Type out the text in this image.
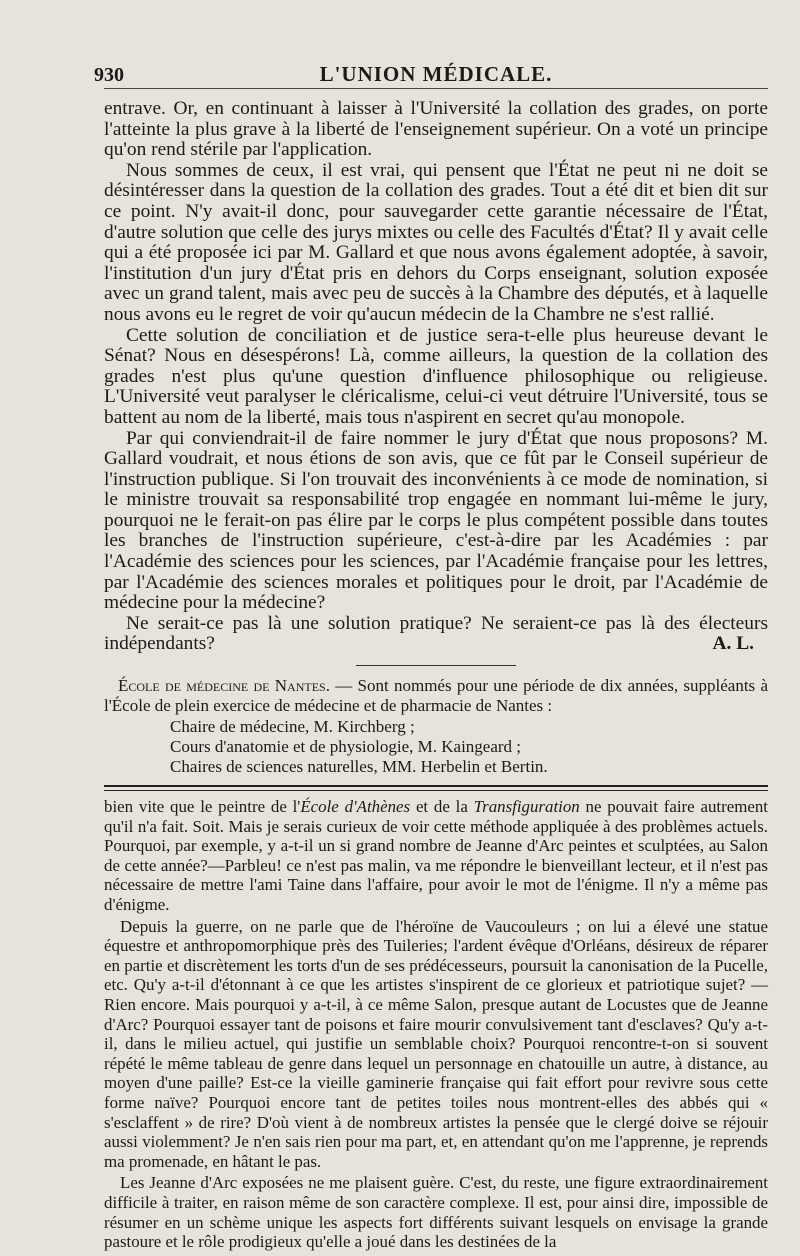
930	L'UNION MÉDICALE.

entrave. Or, en continuant à laisser à l'Université la collation des grades, on porte l'atteinte la plus grave à la liberté de l'enseignement supérieur. On a voté un principe qu'on rend stérile par l'application.

Nous sommes de ceux, il est vrai, qui pensent que l'État ne peut ni ne doit se désintéresser dans la question de la collation des grades. Tout a été dit et bien dit sur ce point. N'y avait-il donc, pour sauvegarder cette garantie nécessaire de l'État, d'autre solution que celle des jurys mixtes ou celle des Facultés d'État? Il y avait celle qui a été proposée ici par M. Gallard et que nous avons également adoptée, à savoir, l'institution d'un jury d'État pris en dehors du Corps enseignant, solution exposée avec un grand talent, mais avec peu de succès à la Chambre des députés, et à laquelle nous avons eu le regret de voir qu'aucun médecin de la Chambre ne s'est rallié.

Cette solution de conciliation et de justice sera-t-elle plus heureuse devant le Sénat? Nous en désespérons! Là, comme ailleurs, la question de la collation des grades n'est plus qu'une question d'influence philosophique ou religieuse. L'Université veut paralyser le cléricalisme, celui-ci veut détruire l'Université, tous se battent au nom de la liberté, mais tous n'aspirent en secret qu'au monopole.

Par qui conviendrait-il de faire nommer le jury d'État que nous proposons? M. Gallard voudrait, et nous étions de son avis, que ce fût par le Conseil supérieur de l'instruction publique. Si l'on trouvait des inconvénients à ce mode de nomination, si le ministre trouvait sa responsabilité trop engagée en nommant lui-même le jury, pourquoi ne le ferait-on pas élire par le corps le plus compétent possible dans toutes les branches de l'instruction supérieure, c'est-à-dire par les Académies : par l'Académie des sciences pour les sciences, par l'Académie française pour les lettres, par l'Académie des sciences morales et politiques pour le droit, par l'Académie de médecine pour la médecine?

Ne serait-ce pas là une solution pratique? Ne seraient-ce pas là des électeurs indépendants?	A. L.

École de médecine de Nantes. — Sont nommés pour une période de dix années, suppléants à l'École de plein exercice de médecine et de pharmacie de Nantes :

Chaire de médecine, M. Kirchberg ;
Cours d'anatomie et de physiologie, M. Kaingeard ;
Chaires de sciences naturelles, MM. Herbelin et Bertin.

bien vite que le peintre de l'École d'Athènes et de la Transfiguration ne pouvait faire autrement qu'il n'a fait. Soit. Mais je serais curieux de voir cette méthode appliquée à des problèmes actuels. Pourquoi, par exemple, y a-t-il un si grand nombre de Jeanne d'Arc peintes et sculptées, au Salon de cette année?—Parbleu! ce n'est pas malin, va me répondre le bienveillant lecteur, et il n'est pas nécessaire de mettre l'ami Taine dans l'affaire, pour avoir le mot de l'énigme. Il n'y a même pas d'énigme.

Depuis la guerre, on ne parle que de l'héroïne de Vaucouleurs ; on lui a élevé une statue équestre et anthropomorphique près des Tuileries; l'ardent évêque d'Orléans, désireux de réparer en partie et discrètement les torts d'un de ses prédécesseurs, poursuit la canonisation de la Pucelle, etc. Qu'y a-t-il d'étonnant à ce que les artistes s'inspirent de ce glorieux et patriotique sujet? — Rien encore. Mais pourquoi y a-t-il, à ce même Salon, presque autant de Locustes que de Jeanne d'Arc? Pourquoi essayer tant de poisons et faire mourir convulsivement tant d'esclaves? Qu'y a-t-il, dans le milieu actuel, qui justifie un semblable choix? Pourquoi rencontre-t-on si souvent répété le même tableau de genre dans lequel un personnage en chatouille un autre, à distance, au moyen d'une paille? Est-ce la vieille gaminerie française qui fait effort pour revivre sous cette forme naïve? Pourquoi encore tant de petites toiles nous montrent-elles des abbés qui « s'esclaffent » de rire? D'où vient à de nombreux artistes la pensée que le clergé doive se réjouir aussi violemment? Je n'en sais rien pour ma part, et, en attendant qu'on me l'apprenne, je reprends ma promenade, en hâtant le pas.

Les Jeanne d'Arc exposées ne me plaisent guère. C'est, du reste, une figure extraordinairement difficile à traiter, en raison même de son caractère complexe. Il est, pour ainsi dire, impossible de résumer en un schème unique les aspects fort différents suivant lesquels on envisage la grande pastoure et le rôle prodigieux qu'elle a joué dans les destinées de la
